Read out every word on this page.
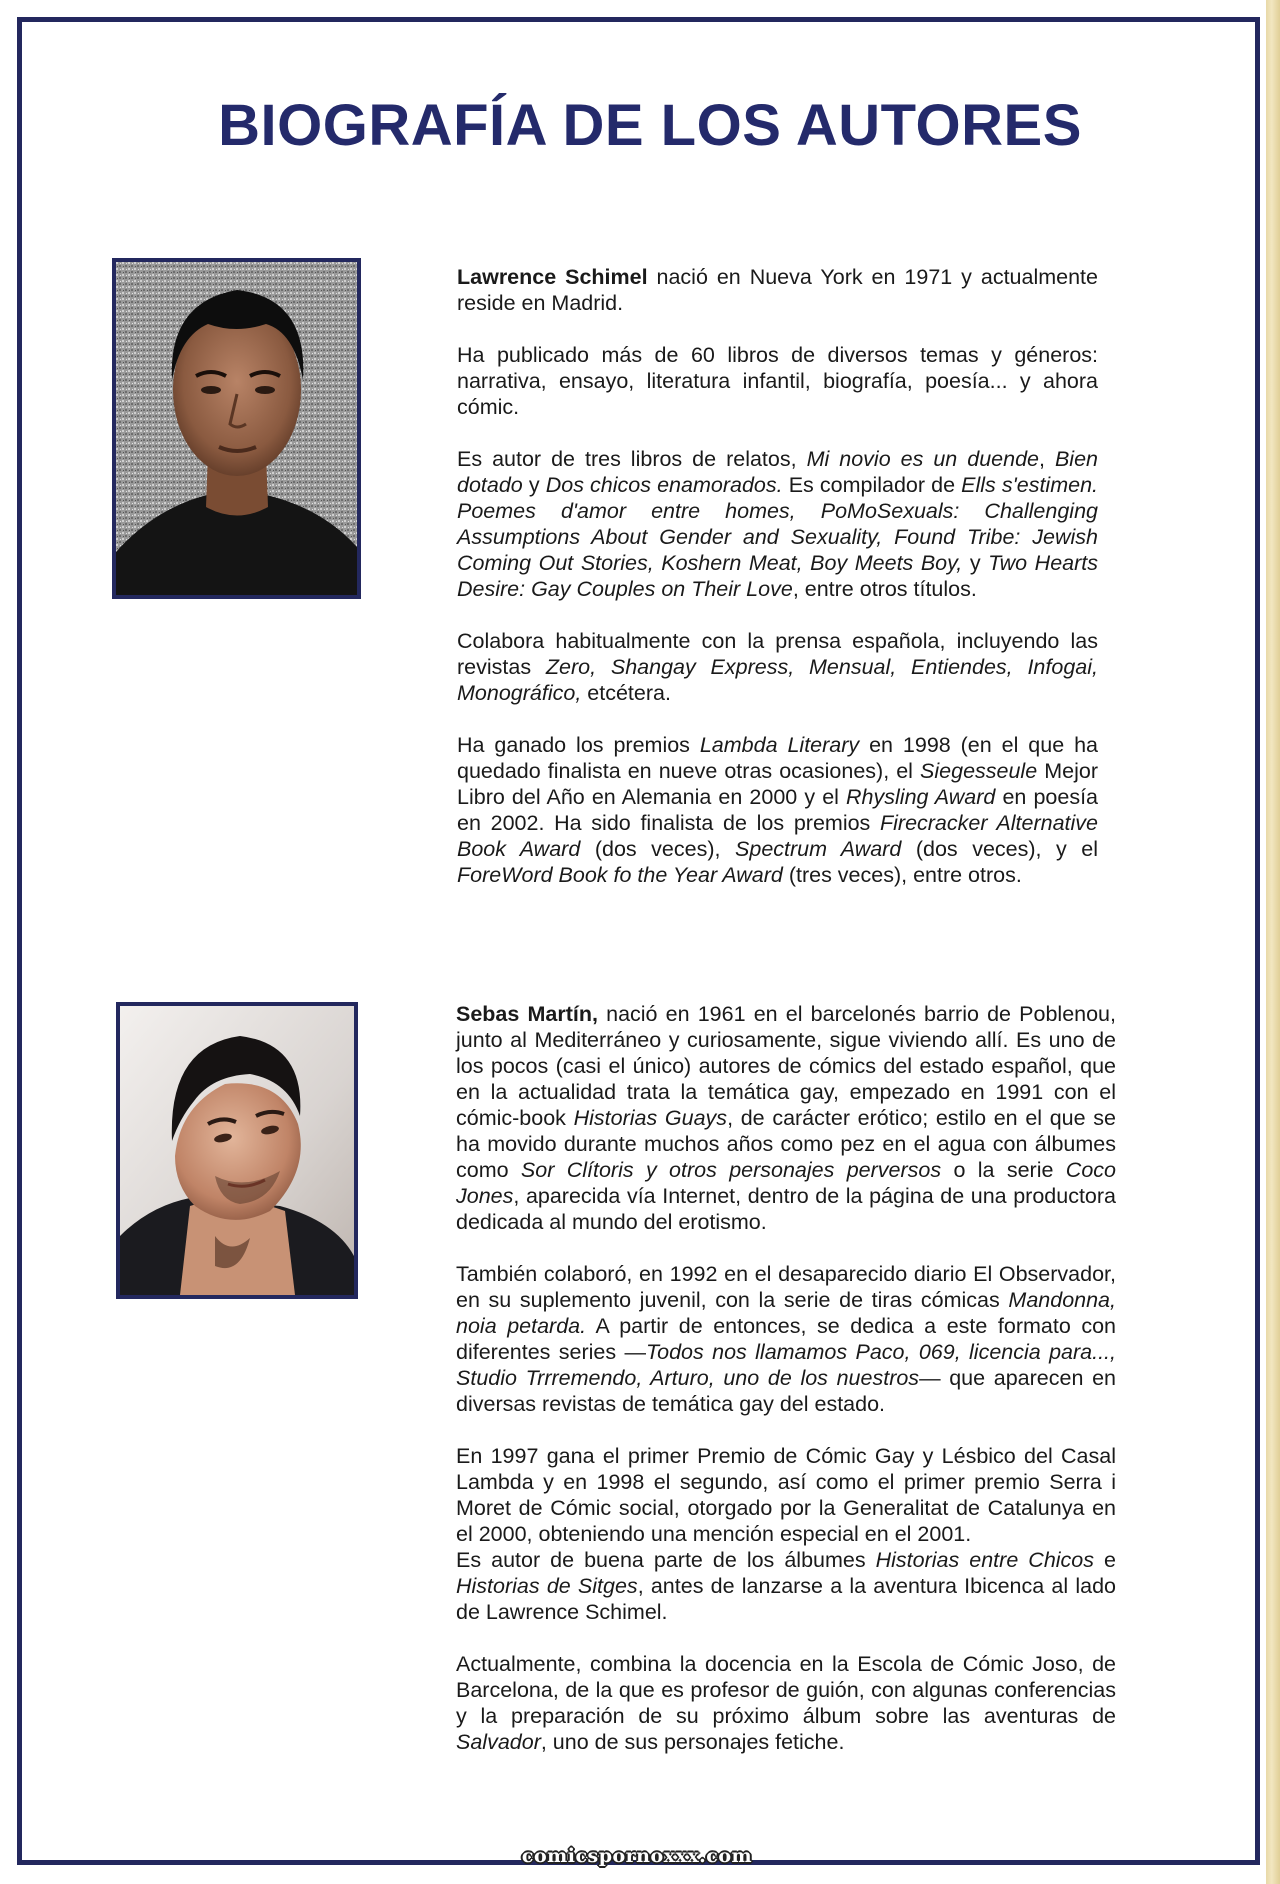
BIOGRAFÍA DE LOS AUTORES

Lawrence Schimel nació en Nueva York en 1971 y actualmente reside en Madrid.

Ha publicado más de 60 libros de diversos temas y géneros: narrativa, ensayo, literatura infantil, biografía, poesía... y ahora cómic.

Es autor de tres libros de relatos, Mi novio es un duende, Bien dotado y Dos chicos enamorados. Es compilador de Ells s'estimen. Poemes d'amor entre homes, PoMoSexuals: Challenging Assumptions About Gender and Sexuality, Found Tribe: Jewish Coming Out Stories, Koshern Meat, Boy Meets Boy, y Two Hearts Desire: Gay Couples on Their Love, entre otros títulos.

Colabora habitualmente con la prensa española, incluyendo las revistas Zero, Shangay Express, Mensual, Entiendes, Infogai, Monográfico, etcétera.

Ha ganado los premios Lambda Literary en 1998 (en el que ha quedado finalista en nueve otras ocasiones), el Siegesseule Mejor Libro del Año en Alemania en 2000 y el Rhysling Award en poesía en 2002. Ha sido finalista de los premios Firecracker Alternative Book Award (dos veces), Spectrum Award (dos veces), y el ForeWord Book fo the Year Award (tres veces), entre otros.

Sebas Martín, nació en 1961 en el barcelonés barrio de Poblenou, junto al Mediterráneo y curiosamente, sigue viviendo allí. Es uno de los pocos (casi el único) autores de cómics del estado español, que en la actualidad trata la temática gay, empezado en 1991 con el cómic-book Historias Guays, de carácter erótico; estilo en el que se ha movido durante muchos años como pez en el agua con álbumes como Sor Clítoris y otros personajes perversos o la serie Coco Jones, aparecida vía Internet, dentro de la página de una productora dedicada al mundo del erotismo.

También colaboró, en 1992 en el desaparecido diario El Observador, en su suplemento juvenil, con la serie de tiras cómicas Mandonna, noia petarda. A partir de entonces, se dedica a este formato con diferentes series —Todos nos llamamos Paco, 069, licencia para..., Studio Trrremendo, Arturo, uno de los nuestros— que aparecen en diversas revistas de temática gay del estado.

En 1997 gana el primer Premio de Cómic Gay y Lésbico del Casal Lambda y en 1998 el segundo, así como el primer premio Serra i Moret de Cómic social, otorgado por la Generalitat de Catalunya en el 2000, obteniendo una mención especial en el 2001.

Es autor de buena parte de los álbumes Historias entre Chicos e Historias de Sitges, antes de lanzarse a la aventura Ibicenca al lado de Lawrence Schimel.

Actualmente, combina la docencia en la Escola de Cómic Joso, de Barcelona, de la que es profesor de guión, con algunas conferencias y la preparación de su próximo álbum sobre las aventuras de Salvador, uno de sus personajes fetiche.

comicspornoxxx.com
